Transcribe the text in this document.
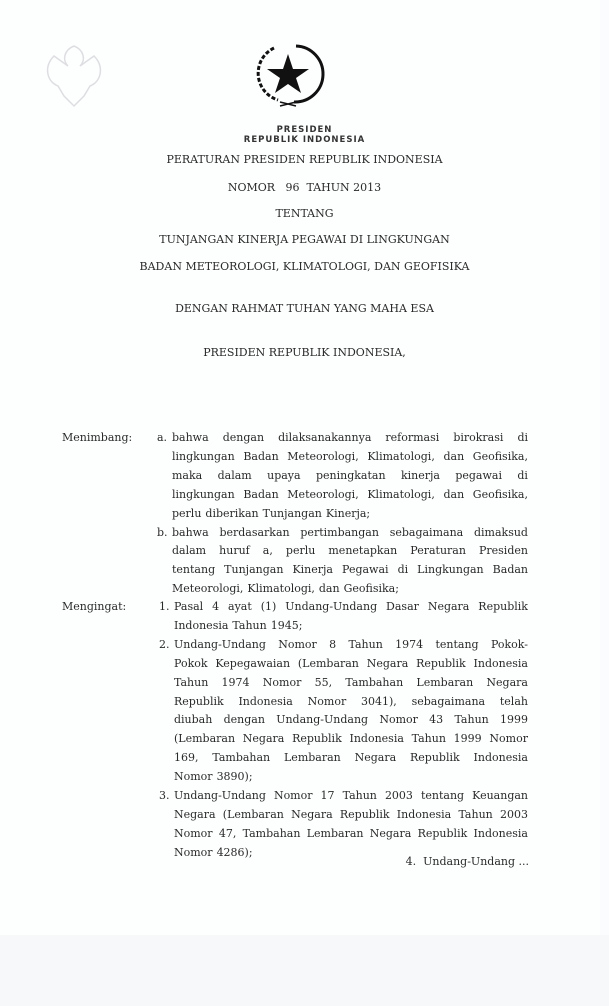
PRESIDEN
REPUBLIK INDONESIA
PERATURAN PRESIDEN REPUBLIK INDONESIA
NOMOR   96  TAHUN 2013
TENTANG
TUNJANGAN KINERJA PEGAWAI DI LINGKUNGAN
BADAN METEOROLOGI, KLIMATOLOGI, DAN GEOFISIKA
DENGAN RAHMAT TUHAN YANG MAHA ESA
PRESIDEN REPUBLIK INDONESIA,
Menimbang: a. bahwa dengan dilaksanakannya reformasi birokrasi di
lingkungan Badan Meteorologi, Klimatologi, dan Geofisika,
maka dalam upaya peningkatan kinerja pegawai di
lingkungan Badan Meteorologi, Klimatologi, dan Geofisika,
perlu diberikan Tunjangan Kinerja;
b. bahwa berdasarkan pertimbangan sebagaimana dimaksud
dalam huruf a, perlu menetapkan Peraturan Presiden
tentang Tunjangan Kinerja Pegawai di Lingkungan Badan
Meteorologi, Klimatologi, dan Geofisika;
Mengingat:	1. Pasal 4 ayat (1) Undang-Undang Dasar Negara Republik
Indonesia Tahun 1945;
2. Undang-Undang Nomor 8 Tahun 1974 tentang Pokok-
Pokok Kepegawaian (Lembaran Negara Republik Indonesia
Tahun 1974 Nomor 55, Tambahan Lembaran Negara
Republik Indonesia Nomor 3041), sebagaimana telah
diubah dengan Undang-Undang Nomor 43 Tahun 1999
(Lembaran Negara Republik Indonesia Tahun 1999 Nomor
169, Tambahan Lembaran Negara Republik Indonesia
Nomor 3890);
3. Undang-Undang Nomor 17 Tahun 2003 tentang Keuangan
Negara (Lembaran Negara Republik Indonesia Tahun 2003
Nomor 47, Tambahan Lembaran Negara Republik Indonesia
Nomor 4286);
4.  Undang-Undang ...
